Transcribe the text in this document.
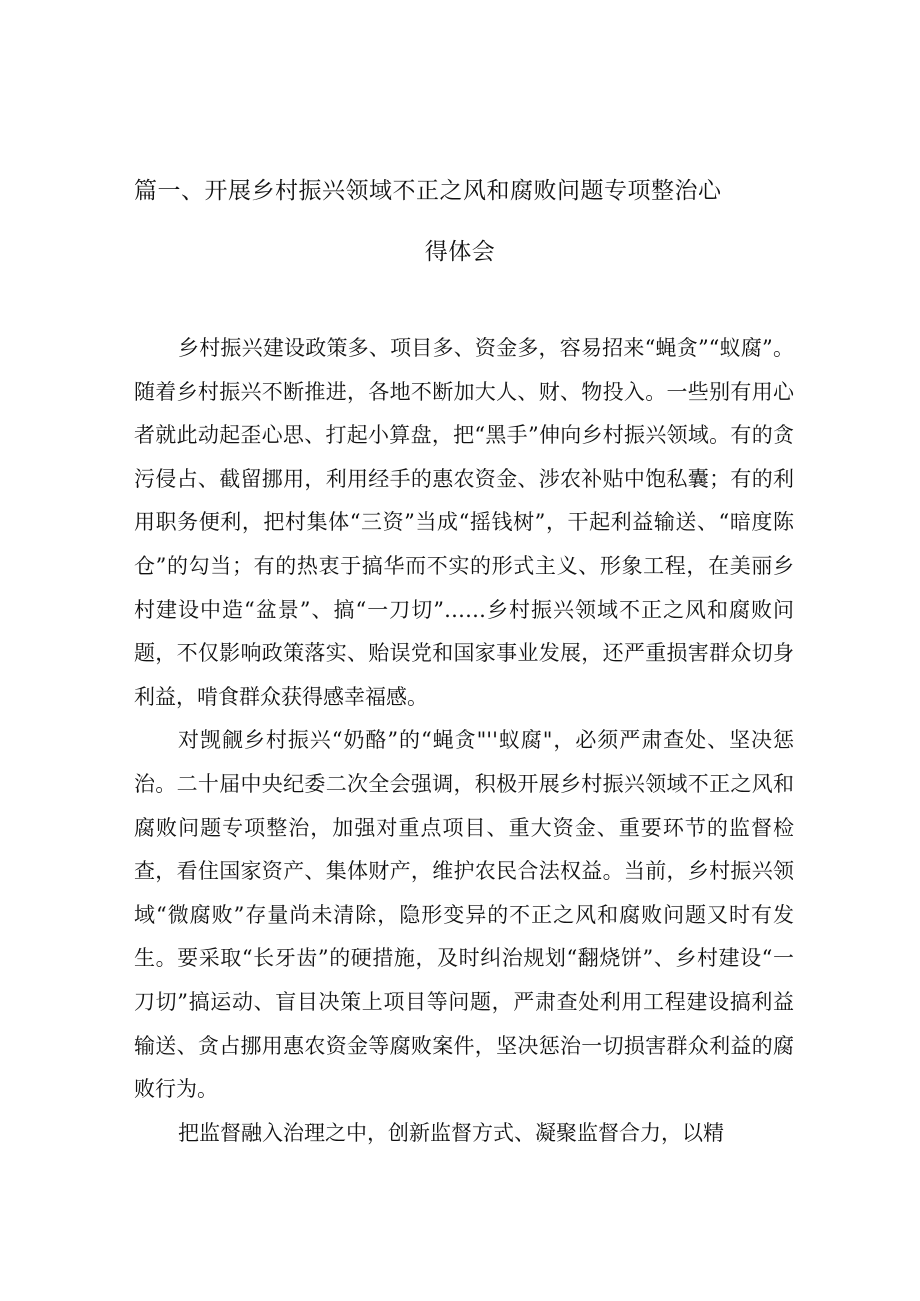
篇一、开展乡村振兴领域不正之风和腐败问题专项整治心
得体会

乡村振兴建设政策多、项目多、资金多，容易招来“蝇贪”“蚁腐”。随着乡村振兴不断推进，各地不断加大人、财、物投入。一些别有用心者就此动起歪心思、打起小算盘，把“黑手”伸向乡村振兴领域。有的贪污侵占、截留挪用，利用经手的惠农资金、涉农补贴中饱私囊；有的利用职务便利，把村集体“三资”当成“摇钱树”，干起利益输送、“暗度陈仓”的勾当；有的热衷于搞华而不实的形式主义、形象工程，在美丽乡村建设中造“盆景”、搞“一刀切”……乡村振兴领域不正之风和腐败问题，不仅影响政策落实、贻误党和国家事业发展，还严重损害群众切身利益，啃食群众获得感幸福感。

对觊觎乡村振兴“奶酪”的“蝇贪"''蚁腐"，必须严肃查处、坚决惩治。二十届中央纪委二次全会强调，积极开展乡村振兴领域不正之风和腐败问题专项整治，加强对重点项目、重大资金、重要环节的监督检查，看住国家资产、集体财产，维护农民合法权益。当前，乡村振兴领域“微腐败”存量尚未清除，隐形变异的不正之风和腐败问题又时有发生。要采取“长牙齿”的硬措施，及时纠治规划“翻烧饼”、乡村建设“一刀切”搞运动、盲目决策上项目等问题，严肃查处利用工程建设搞利益输送、贪占挪用惠农资金等腐败案件，坚决惩治一切损害群众利益的腐败行为。

把监督融入治理之中，创新监督方式、凝聚监督合力，以精
